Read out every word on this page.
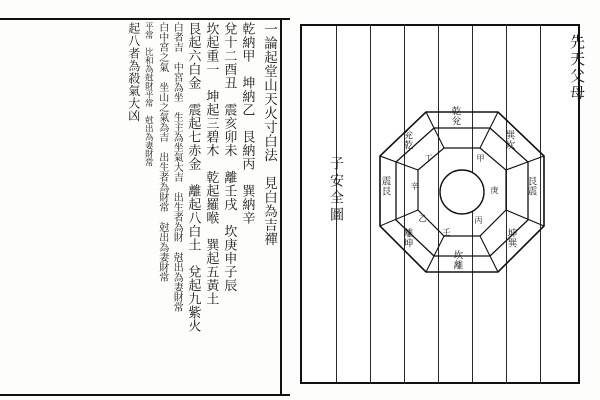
一論起堂山天火寸白法　見白為吉禪
乾納甲　坤納乙　艮納丙　巽納辛
兌十二酉丑　震亥卯未　離壬戌　坎庚申子辰
坎起重一　坤起三碧木　乾起羅喉　巽起五黃土
艮起六白金　震起七赤金　離起八白土　兌起九紫火
白者吉　中宮為坐　生主為坐氣大吉　出生者為財　尅出為妻財常
白中宮之氣　坐山之氣為吉　出生者為財常　尅出為妻財常
平常　比和為尅財平常　尅出為妻財常
起八者為殺氣大凶	乾兊
巽坎
艮震
坤巽
坎離
離坤
震艮
兊乾
甲
庚
丙
壬
乙
辛
丁
子安全圖
先天父母
